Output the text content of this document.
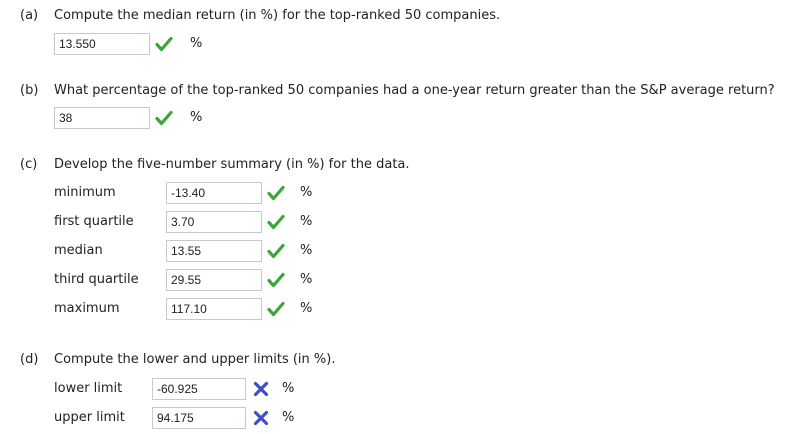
(a) Compute the median return (in %) for the top-ranked 50 companies.
13.550	%
(b) What percentage of the top-ranked 50 companies had a one-year return greater than the S&P average return?
38	%
(c) Develop the five-number summary (in %) for the data.
minimum	-13.40	%
first quartile	3.70	%
median	13.55	%
third quartile	29.55	%
maximum	117.10	%
(d) Compute the lower and upper limits (in %).
lower limit	-60.925	%
upper limit	94.175	%
